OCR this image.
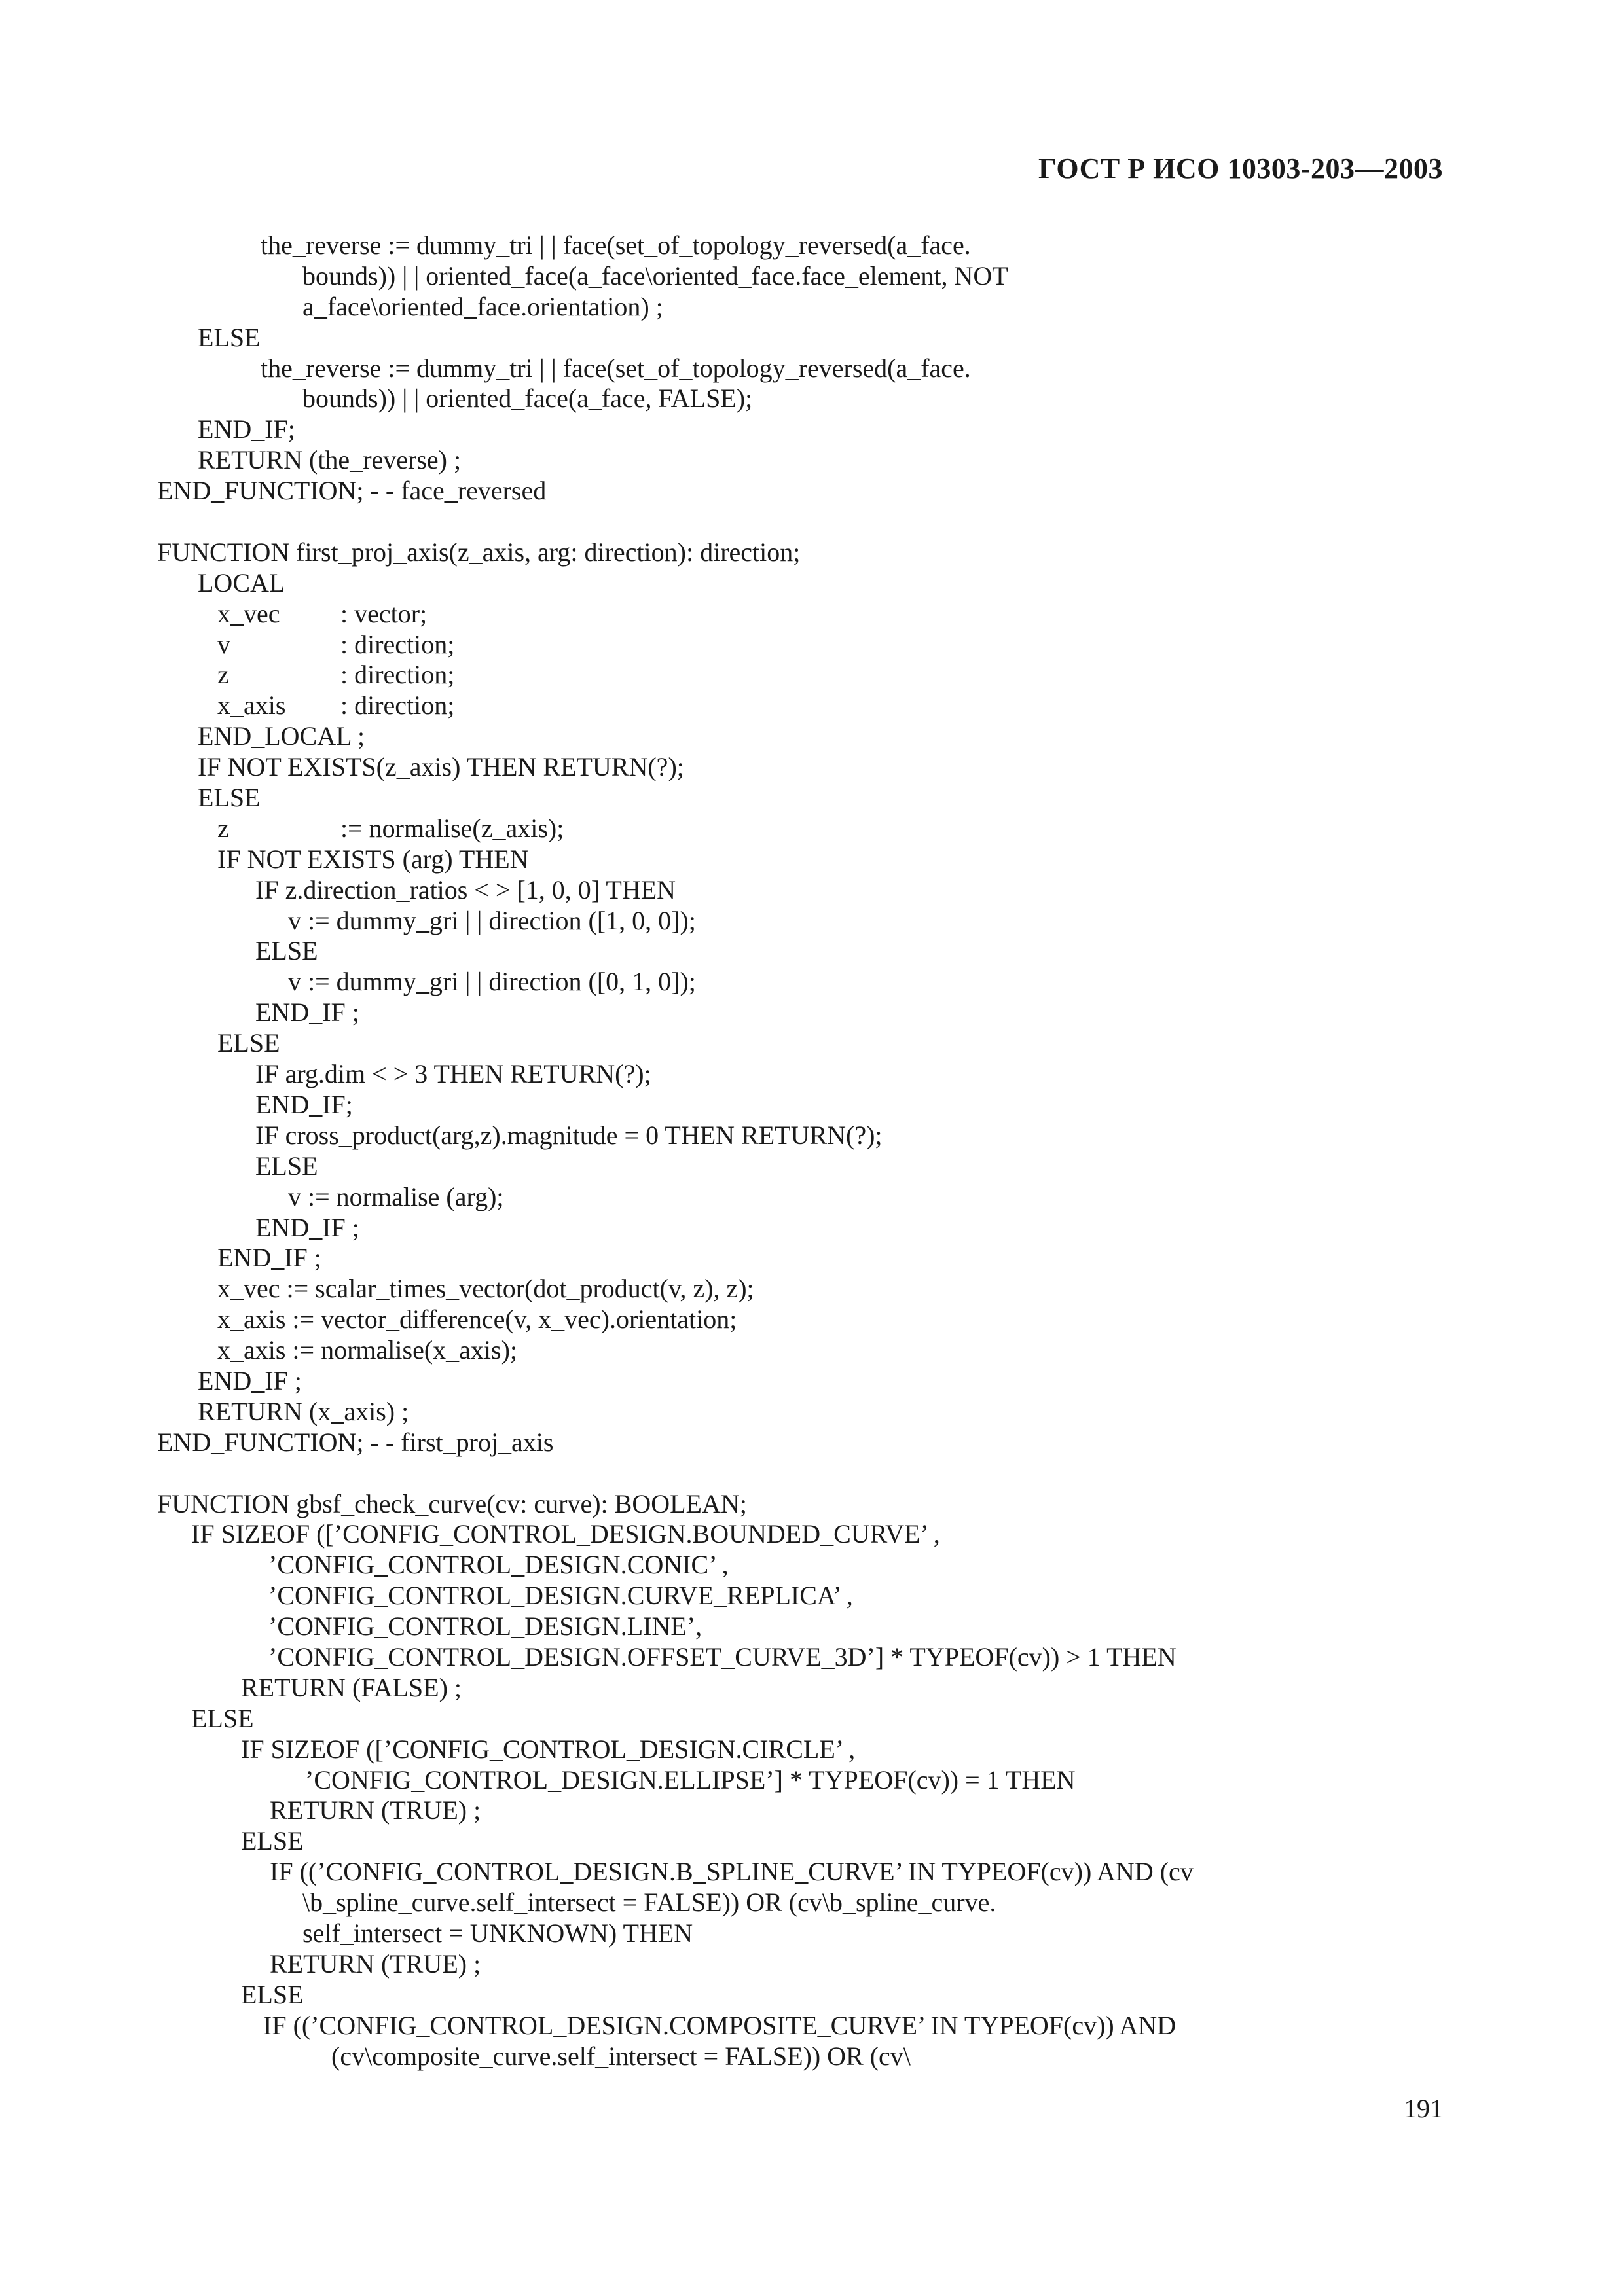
ГОСТ Р ИСО 10303-203—2003
the_reverse := dummy_tri | | face(set_of_topology_reversed(a_face.
bounds)) | | oriented_face(a_face\oriented_face.face_element, NOT
a_face\oriented_face.orientation) ;
ELSE
the_reverse := dummy_tri | | face(set_of_topology_reversed(a_face.
bounds)) | | oriented_face(a_face, FALSE);
END_IF;
RETURN (the_reverse) ;
END_FUNCTION; - - face_reversed
FUNCTION first_proj_axis(z_axis, arg: direction): direction;
LOCAL
x_vec : vector;
v	: direction;
z	: direction;
x_axis : direction;
END_LOCAL ;
IF NOT EXISTS(z_axis) THEN RETURN(?);
ELSE
z	:= normalise(z_axis);
IF NOT EXISTS (arg) THEN
IF z.direction_ratios < > [1, 0, 0] THEN
v := dummy_gri | | direction ([1, 0, 0]);
ELSE
v := dummy_gri | | direction ([0, 1, 0]);
END_IF ;
ELSE
IF arg.dim < > 3 THEN RETURN(?);
END_IF;
IF cross_product(arg,z).magnitude = 0 THEN RETURN(?);
ELSE
v := normalise (arg);
END_IF ;
END_IF ;
x_vec := scalar_times_vector(dot_product(v, z), z);
x_axis := vector_difference(v, x_vec).orientation;
x_axis := normalise(x_axis);
END_IF ;
RETURN (x_axis) ;
END_FUNCTION; - - first_proj_axis
FUNCTION gbsf_check_curve(cv: curve): BOOLEAN;
IF SIZEOF ([’CONFIG_CONTROL_DESIGN.BOUNDED_CURVE’ ,
’CONFIG_CONTROL_DESIGN.CONIC’ ,
’CONFIG_CONTROL_DESIGN.CURVE_REPLICA’ ,
’CONFIG_CONTROL_DESIGN.LINE’,
’CONFIG_CONTROL_DESIGN.OFFSET_CURVE_3D’] * TYPEOF(cv)) > 1 THEN
RETURN (FALSE) ;
ELSE
IF SIZEOF ([’CONFIG_CONTROL_DESIGN.CIRCLE’ ,
’CONFIG_CONTROL_DESIGN.ELLIPSE’] * TYPEOF(cv)) = 1 THEN
RETURN (TRUE) ;
ELSE
IF ((’CONFIG_CONTROL_DESIGN.B_SPLINE_CURVE’ IN TYPEOF(cv)) AND (cv
\b_spline_curve.self_intersect = FALSE)) OR (cv\b_spline_curve.
self_intersect = UNKNOWN) THEN
RETURN (TRUE) ;
ELSE
IF ((’CONFIG_CONTROL_DESIGN.COMPOSITE_CURVE’ IN TYPEOF(cv)) AND
(cv\composite_curve.self_intersect = FALSE)) OR (cv\
191
